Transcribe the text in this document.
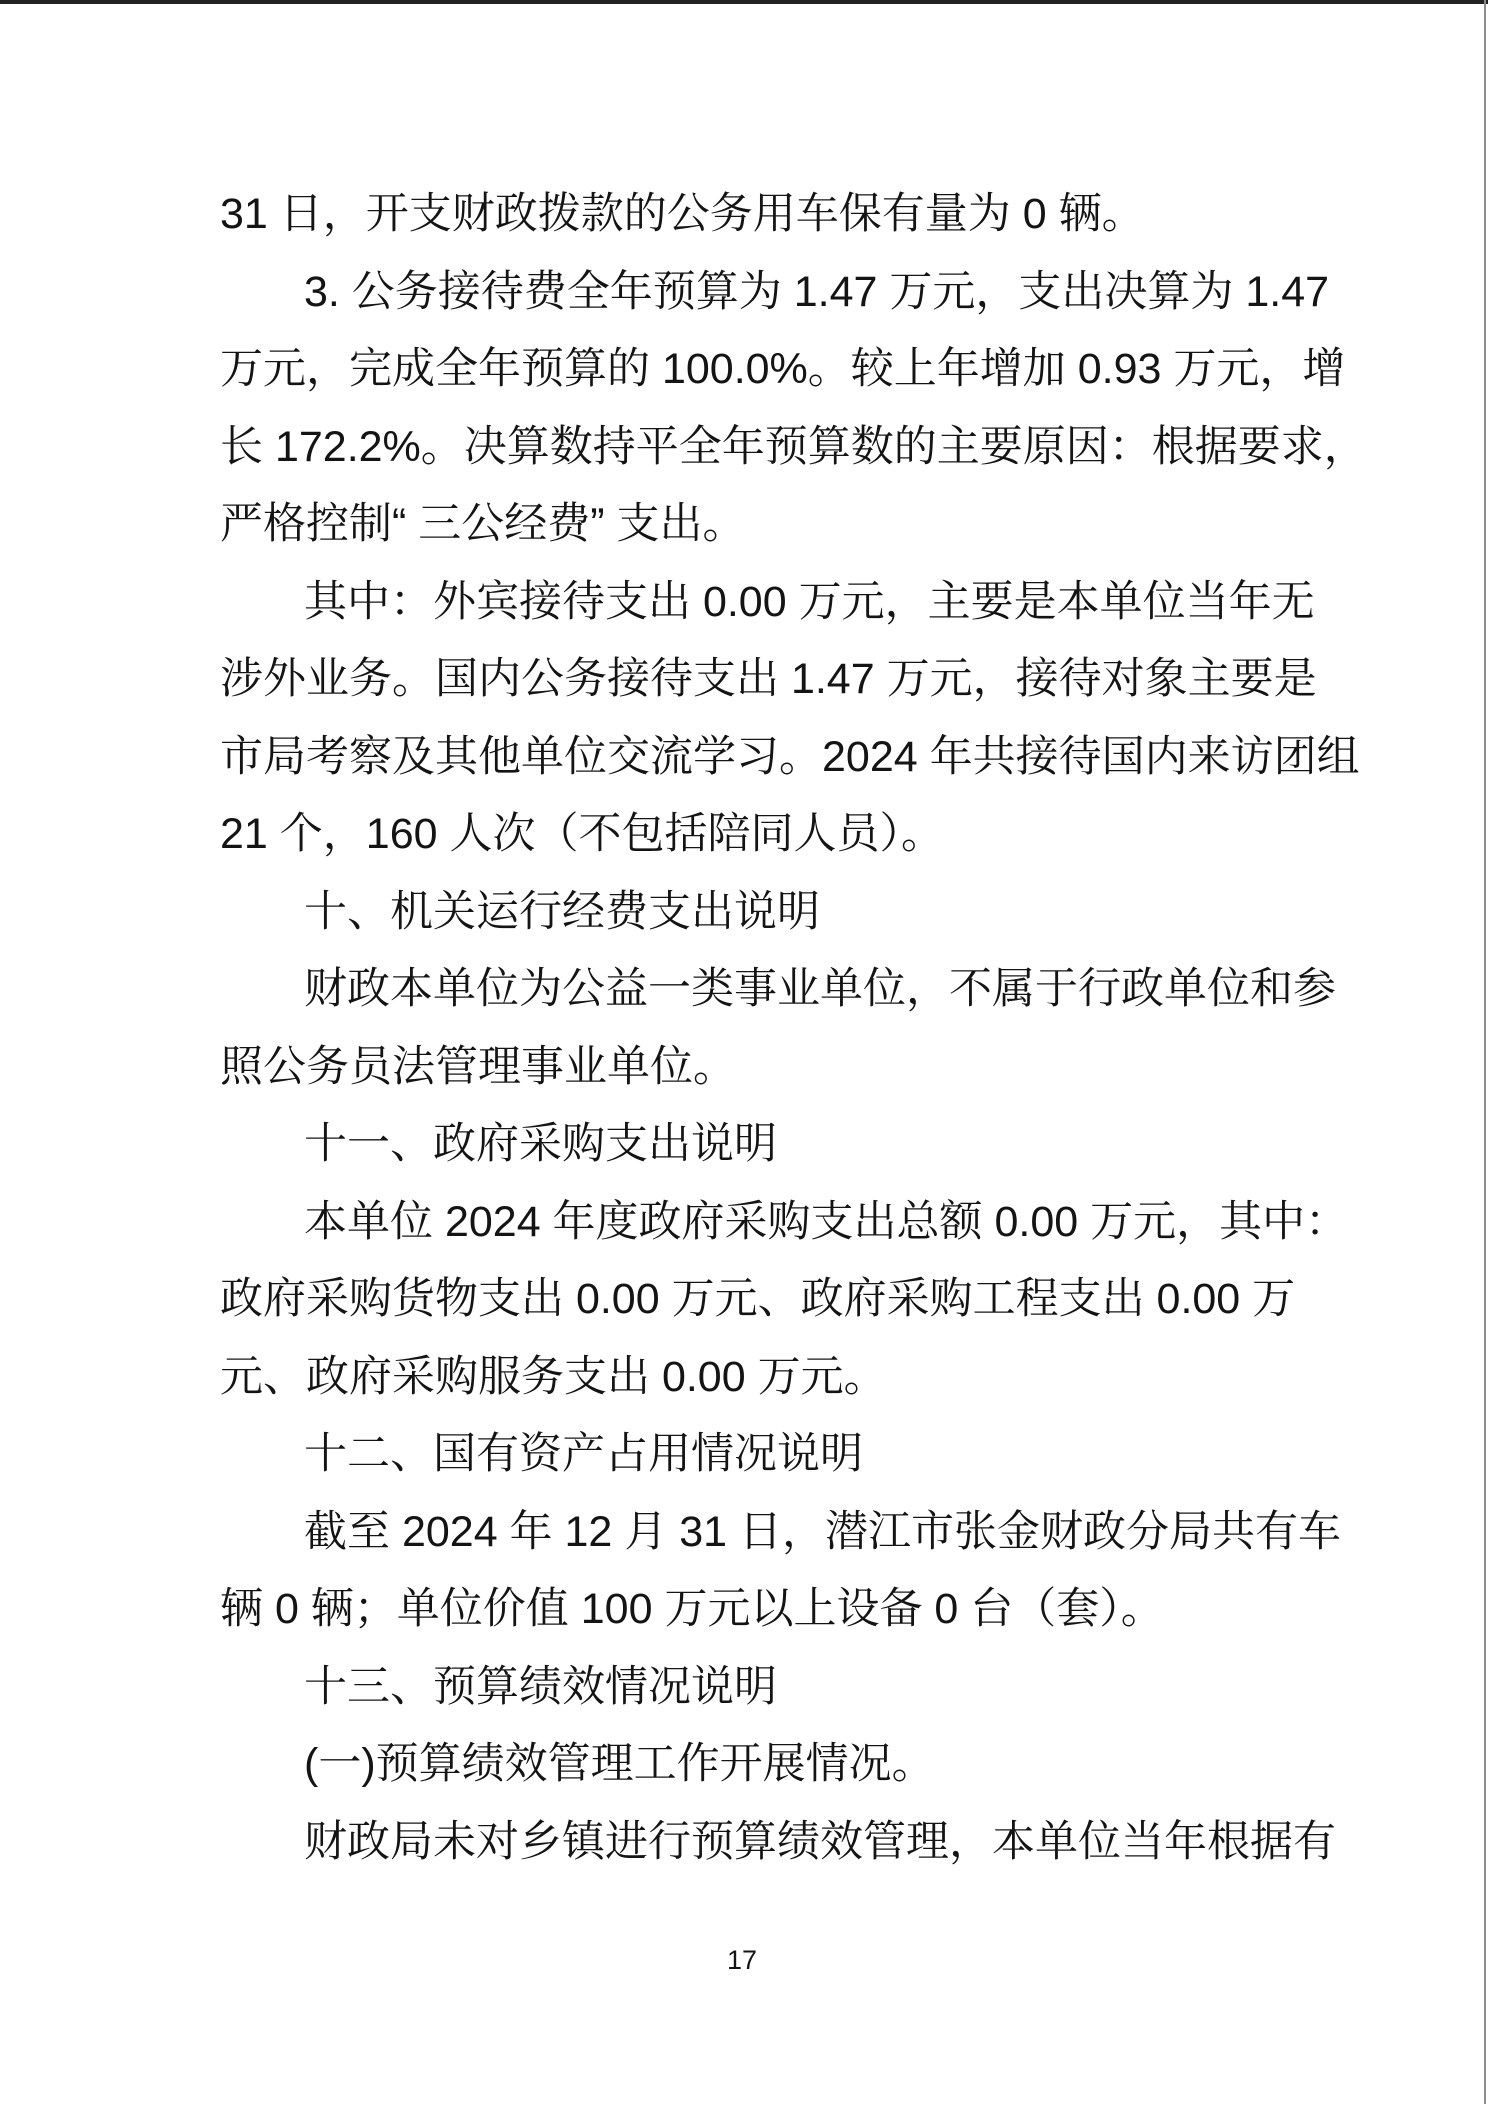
31 日，开支财政拨款的公务用车保有量为 0 辆。
3. 公务接待费全年预算为 1.47 万元，支出决算为 1.47
万元，完成全年预算的 100.0%。较上年增加 0.93 万元，增
长 172.2%。决算数持平全年预算数的主要原因：根据要求，
严格控制“ 三公经费” 支出。
其中：外宾接待支出 0.00 万元，主要是本单位当年无
涉外业务。国内公务接待支出 1.47 万元，接待对象主要是
市局考察及其他单位交流学习。2024 年共接待国内来访团组
21 个，160 人次（不包括陪同人员）。
十、机关运行经费支出说明
财政本单位为公益一类事业单位，不属于行政单位和参
照公务员法管理事业单位。
十一、政府采购支出说明
本单位 2024 年度政府采购支出总额 0.00 万元，其中：
政府采购货物支出 0.00 万元、政府采购工程支出 0.00 万
元、政府采购服务支出 0.00 万元。
十二、国有资产占用情况说明
截至 2024 年 12 月 31 日，潜江市张金财政分局共有车
辆 0 辆；单位价值 100 万元以上设备 0 台（套）。
十三、预算绩效情况说明
(一)预算绩效管理工作开展情况。
财政局未对乡镇进行预算绩效管理，本单位当年根据有
17
